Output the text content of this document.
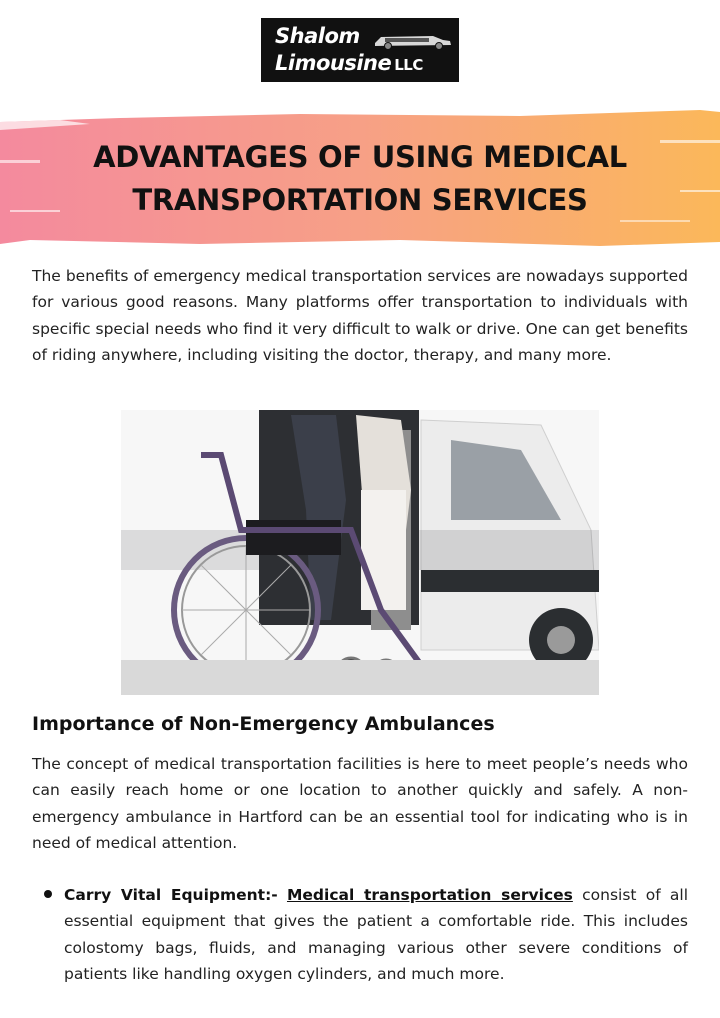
Shalom
Limousine LLC
ADVANTAGES OF USING MEDICAL
TRANSPORTATION SERVICES
The benefits of emergency medical transportation services are nowadays supported for various good reasons. Many platforms offer transportation to individuals with specific special needs who find it very difficult to walk or drive. One can get benefits of riding anywhere, including visiting the doctor, therapy, and many more.
Importance of Non-Emergency Ambulances
The concept of medical transportation facilities is here to meet people’s needs who can easily reach home or one location to another quickly and safely. A non-emergency ambulance in Hartford can be an essential tool for indicating who is in need of medical attention.
Carry Vital Equipment:- Medical transportation services consist of all essential equipment that gives the patient a comfortable ride. This includes colostomy bags, fluids, and managing various other severe conditions of patients like handling oxygen cylinders, and much more.
